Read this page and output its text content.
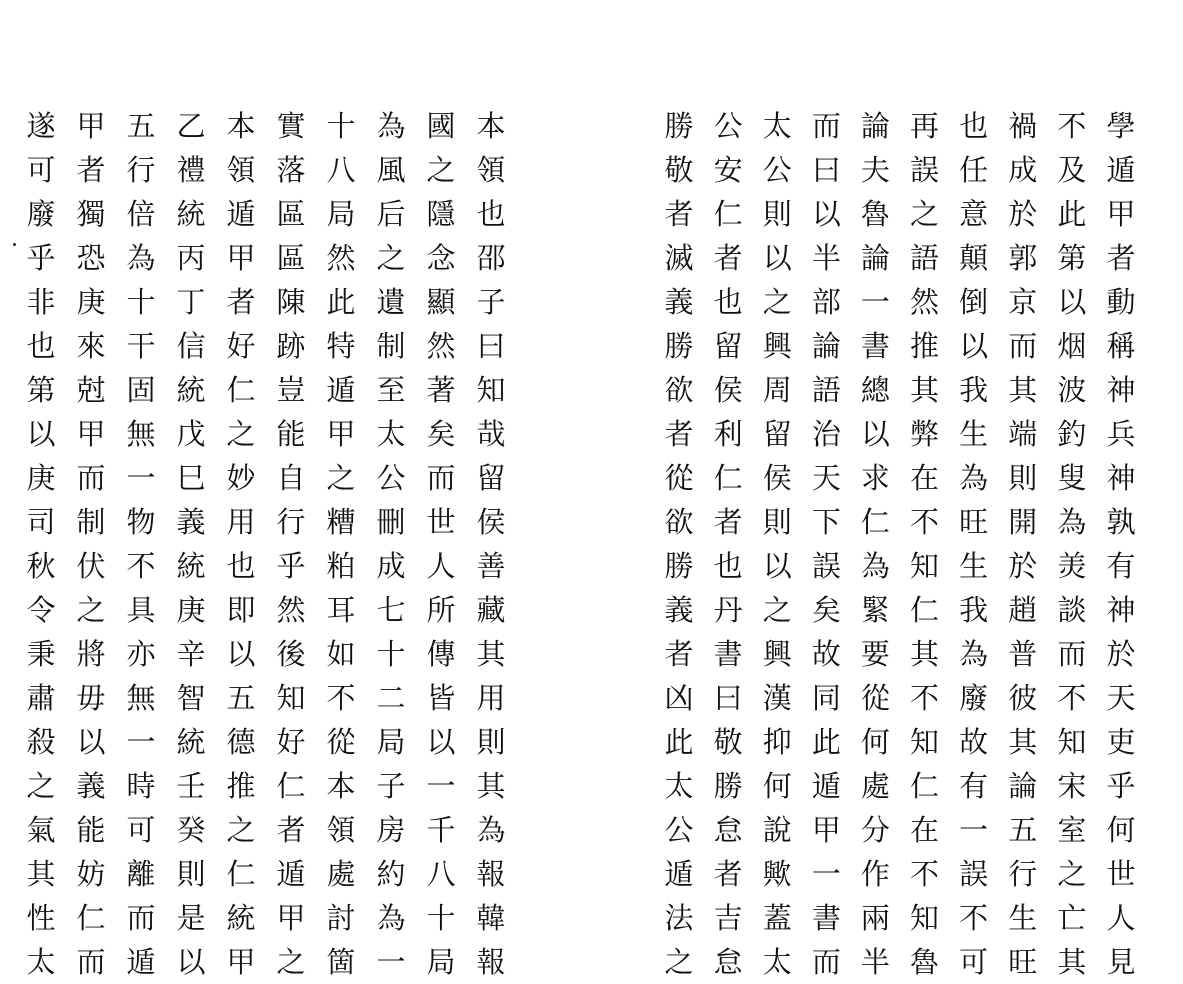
本
領
也
邵
子
曰
知
哉
留
侯
善
藏
其
用
則
其
為
報
韓
報
國
之
隱
念
顯
然
著
矣
而
世
人
所
傳
皆
以
一
千
八
十
局
為
風
后
之
遺
制
至
太
公
刪
成
七
十
二
局
子
房
約
為
一
十
八
局
然
此
特
遁
甲
之
糟
粕
耳
如
不
從
本
領
處
討
箇
實
落
區
區
陳
跡
豈
能
自
行
乎
然
後
知
好
仁
者
遁
甲
之
本
領
遁
甲
者
好
仁
之
妙
用
也
即
以
五
德
推
之
仁
統
甲
乙
禮
統
丙
丁
信
統
戊
巳
義
統
庚
辛
智
統
壬
癸
則
是
以
五
行
倍
為
十
干
固
無
一
物
不
具
亦
無
一
時
可
離
而
遁
甲
者
獨
恐
庚
來
尅
甲
而
制
伏
之
將
毋
以
義
能
妨
仁
而
遂
可
廢
乎
非
也
第
以
庚
司
秋
令
秉
肅
殺
之
氣
其
性
太
學
遁
甲
者
動
稱
神
兵
神
孰
有
神
於
天
吏
乎
何
世
人
見
不
及
此
第
以
烟
波
釣
叟
為
羙
談
而
不
知
宋
室
之
亡
其
禍
成
於
郭
京
而
其
端
則
開
於
趙
普
彼
其
論
五
行
生
旺
也
任
意
顛
倒
以
我
生
為
旺
生
我
為
廢
故
有
一
誤
不
可
再
誤
之
語
然
推
其
弊
在
不
知
仁
其
不
知
仁
在
不
知
魯
論
夫
魯
論
一
書
總
以
求
仁
為
緊
要
從
何
處
分
作
兩
半
而
曰
以
半
部
論
語
治
天
下
誤
矣
故
同
此
遁
甲
一
書
而
太
公
則
以
之
興
周
留
侯
則
以
之
興
漢
抑
何
說
歟
蓋
太
公
安
仁
者
也
留
侯
利
仁
者
也
丹
書
曰
敬
勝
怠
者
吉
怠
勝
敬
者
滅
義
勝
欲
者
從
欲
勝
義
者
凶
此
太
公
遁
法
之
